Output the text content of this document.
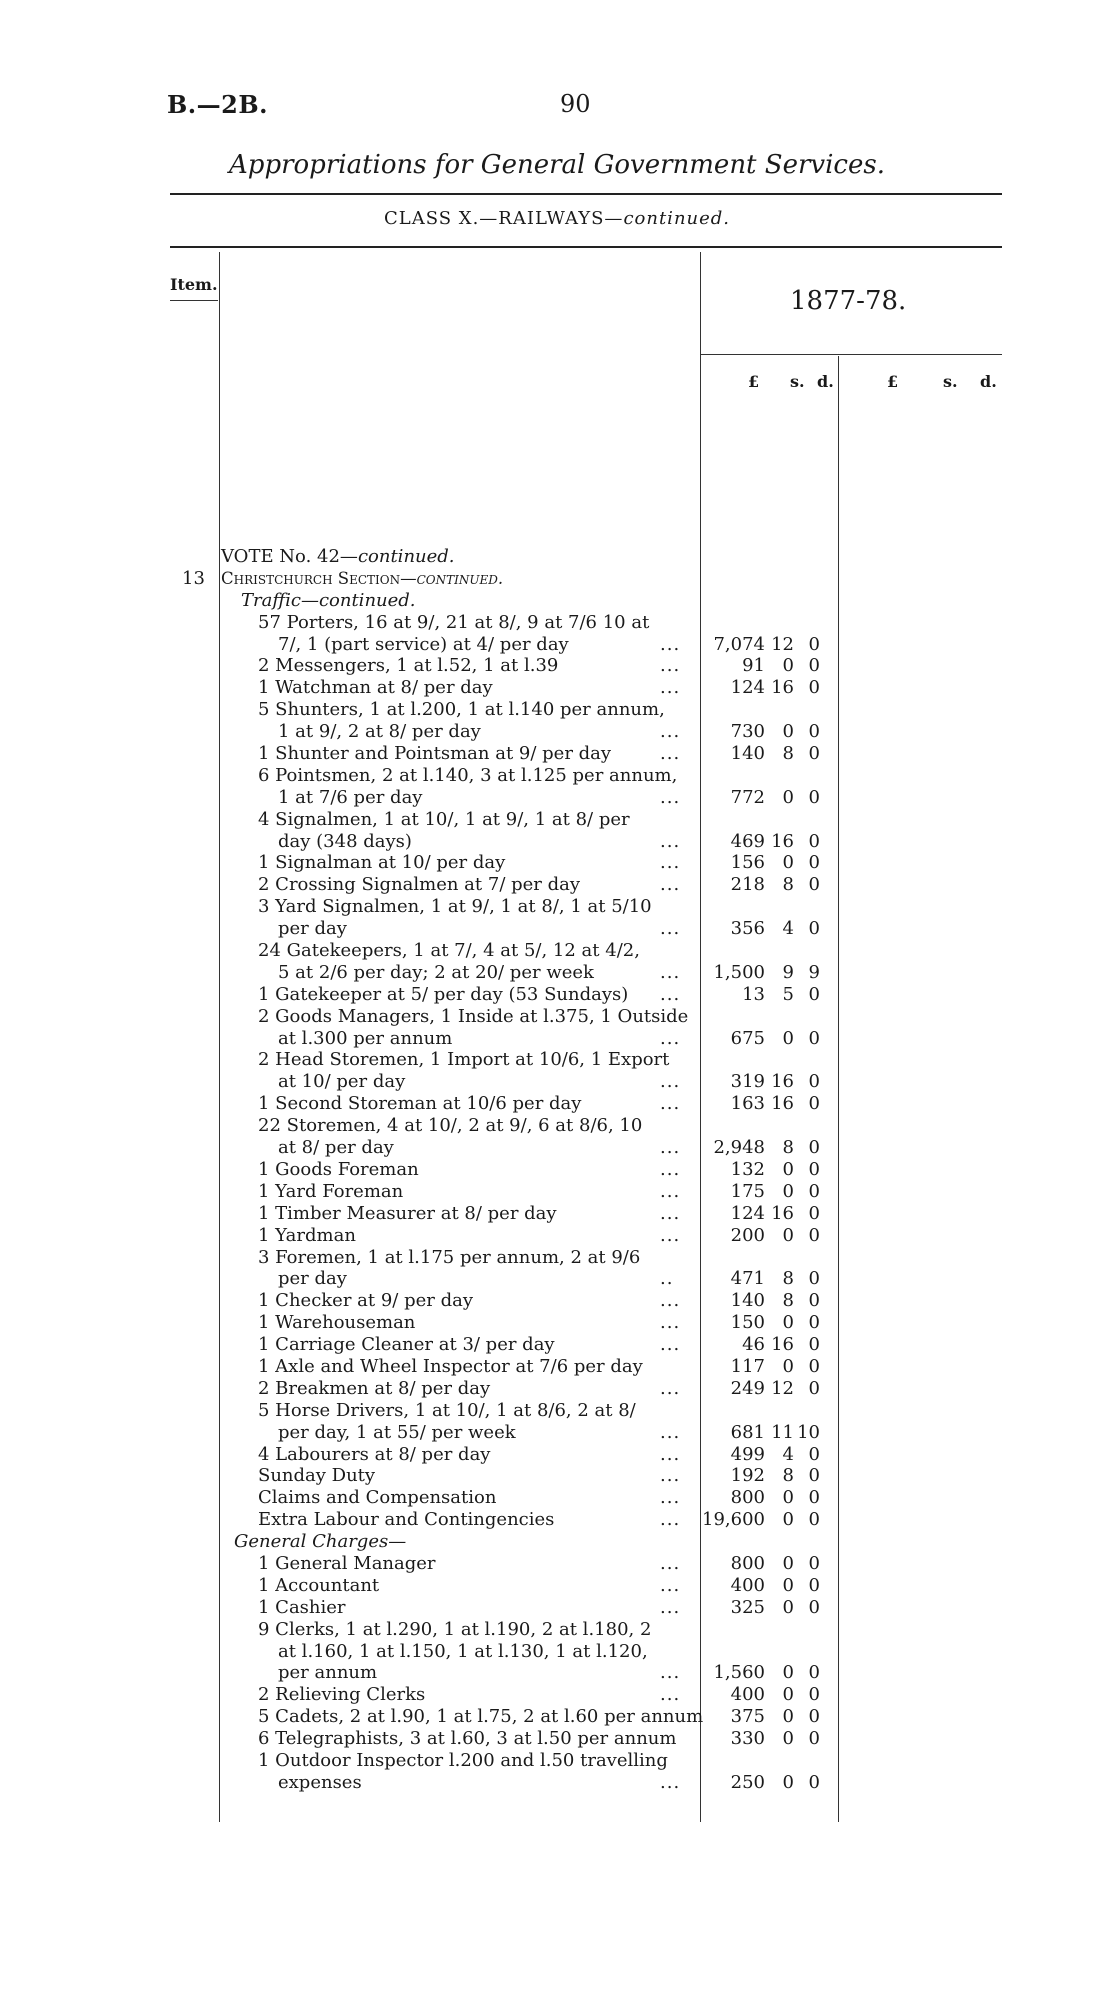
B.—2B.	90
Appropriations for General Government Services.
CLASS X.—RAILWAYS—continued.
Item.
1877-78.
£ s. d.	£	s. d.
VOTE No. 42—continued.
13 Christchurch Section—continued.
Traffic—continued.
57 Porters, 16 at 9/, 21 at 8/, 9 at 7/6 10 at
7/, 1 (part service) at 4/ per day	... 7,074 12 0
2 Messengers, 1 at l.52, 1 at l.39	...	91 0 0
1 Watchman at 8/ per day	...	124 16 0
5 Shunters, 1 at l.200, 1 at l.140 per annum,
1 at 9/, 2 at 8/ per day	...	730 0 0
1 Shunter and Pointsman at 9/ per day	...	140 8 0
6 Pointsmen, 2 at l.140, 3 at l.125 per annum,
1 at 7/6 per day	...	772 0 0
4 Signalmen, 1 at 10/, 1 at 9/, 1 at 8/ per
day (348 days)	...	469 16 0
1 Signalman at 10/ per day	...	156 0 0
2 Crossing Signalmen at 7/ per day	...	218 8 0
3 Yard Signalmen, 1 at 9/, 1 at 8/, 1 at 5/10
per day	...	356 4 0
24 Gatekeepers, 1 at 7/, 4 at 5/, 12 at 4/2,
5 at 2/6 per day; 2 at 20/ per week	... 1,500 9 9
1 Gatekeeper at 5/ per day (53 Sundays) ...	13 5 0
2 Goods Managers, 1 Inside at l.375, 1 Outside
at l.300 per annum	...	675 0 0
2 Head Storemen, 1 Import at 10/6, 1 Export
at 10/ per day	...	319 16 0
1 Second Storeman at 10/6 per day	...	163 16 0
22 Storemen, 4 at 10/, 2 at 9/, 6 at 8/6, 10
at 8/ per day	... 2,948 8 0
1 Goods Foreman	...	132 0 0
1 Yard Foreman	...	175 0 0
1 Timber Measurer at 8/ per day	...	124 16 0
1 Yardman	...	200 0 0
3 Foremen, 1 at l.175 per annum, 2 at 9/6
per day	..	471 8 0
1 Checker at 9/ per day	...	140 8 0
1 Warehouseman	...	150 0 0
1 Carriage Cleaner at 3/ per day	...	46 16 0
1 Axle and Wheel Inspector at 7/6 per day	117 0 0
2 Breakmen at 8/ per day	...	249 12 0
5 Horse Drivers, 1 at 10/, 1 at 8/6, 2 at 8/
per day, 1 at 55/ per week	...	681 11 10
4 Labourers at 8/ per day	...	499 4 0
Sunday Duty	...	192 8 0
Claims and Compensation	...	800 0 0
Extra Labour and Contingencies	... 19,600 0 0
General Charges—
1 General Manager	...	800 0 0
1 Accountant	...	400 0 0
1 Cashier	...	325 0 0
9 Clerks, 1 at l.290, 1 at l.190, 2 at l.180, 2
at l.160, 1 at l.150, 1 at l.130, 1 at l.120,
per annum	... 1,560 0 0
2 Relieving Clerks	...	400 0 0
5 Cadets, 2 at l.90, 1 at l.75, 2 at l.60 per annum 375 0 0
6 Telegraphists, 3 at l.60, 3 at l.50 per annum	330 0 0
1 Outdoor Inspector l.200 and l.50 travelling
expenses	...	250 0 0
